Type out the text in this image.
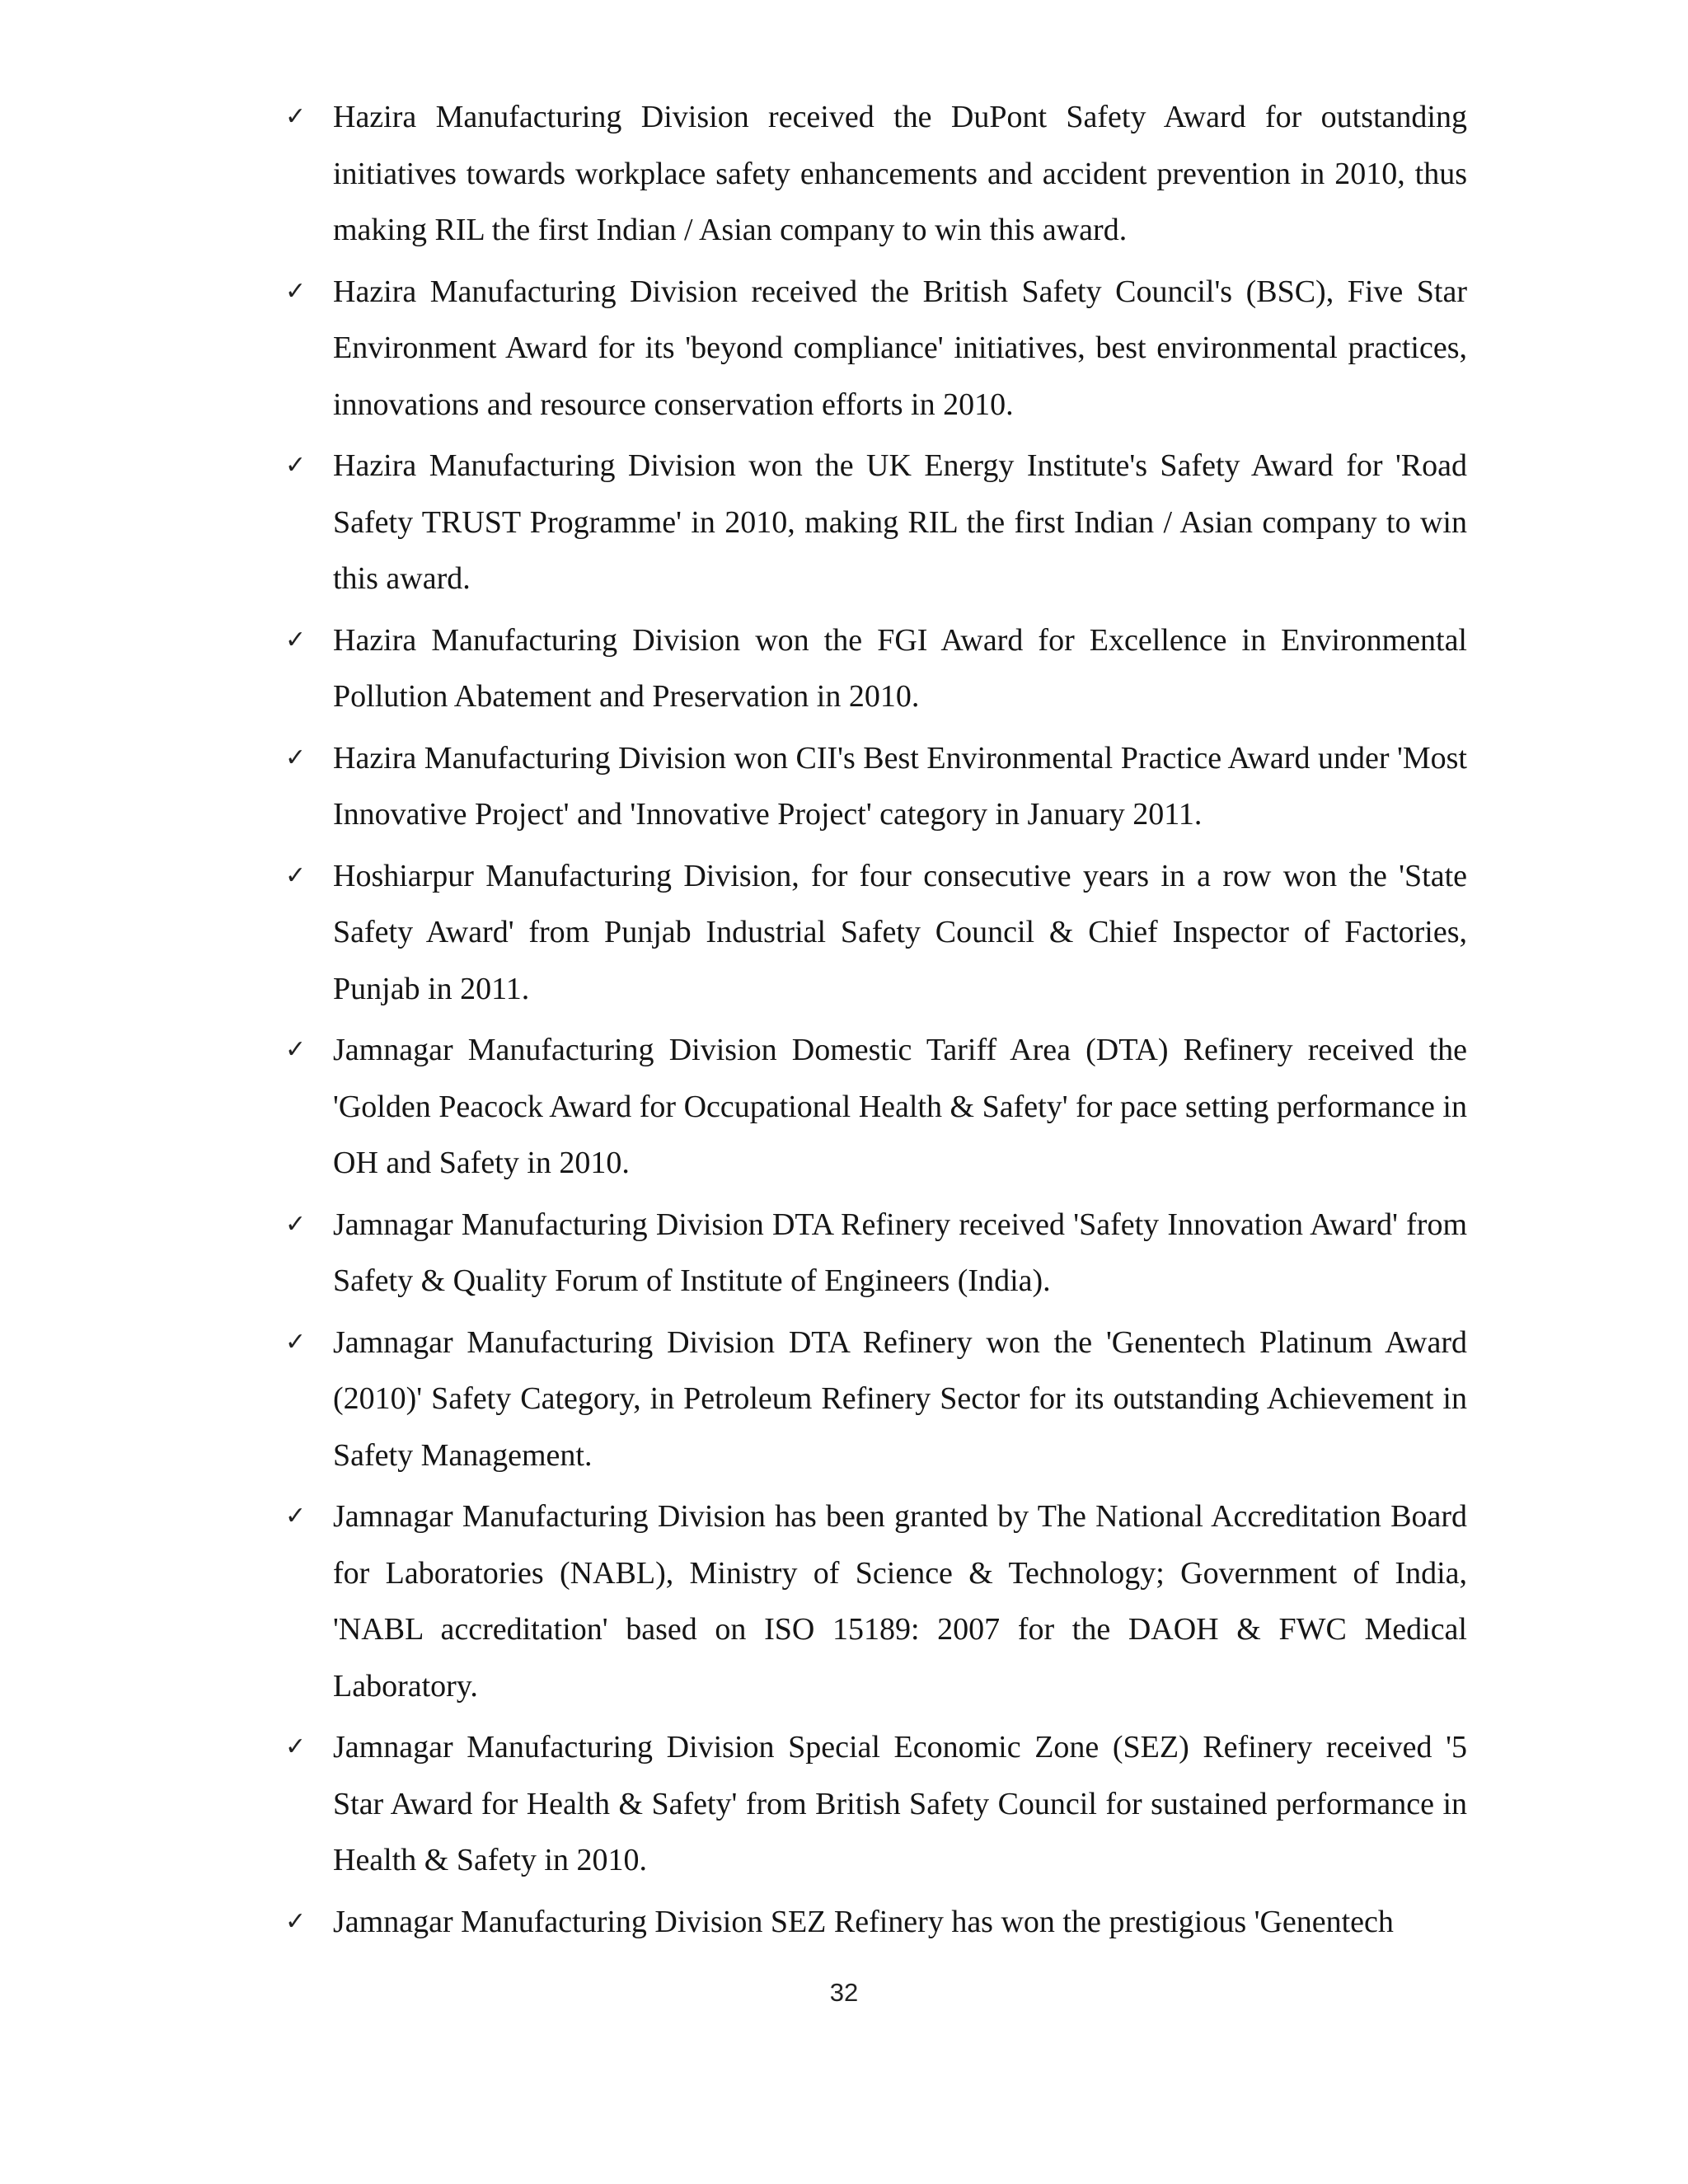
✓ Hazira Manufacturing Division received the DuPont Safety Award for outstanding initiatives towards workplace safety enhancements and accident prevention in 2010, thus making RIL the first Indian / Asian company to win this award.
✓ Hazira Manufacturing Division received the British Safety Council's (BSC), Five Star Environment Award for its 'beyond compliance' initiatives, best environmental practices, innovations and resource conservation efforts in 2010.
✓ Hazira Manufacturing Division won the UK Energy Institute's Safety Award for 'Road Safety TRUST Programme' in 2010, making RIL the first Indian / Asian company to win this award.
✓ Hazira Manufacturing Division won the FGI Award for Excellence in Environmental Pollution Abatement and Preservation in 2010.
✓ Hazira Manufacturing Division won CII's Best Environmental Practice Award under 'Most Innovative Project' and 'Innovative Project' category in January 2011.
✓ Hoshiarpur Manufacturing Division, for four consecutive years in a row won the 'State Safety Award' from Punjab Industrial Safety Council & Chief Inspector of Factories, Punjab in 2011.
✓ Jamnagar Manufacturing Division Domestic Tariff Area (DTA) Refinery received the 'Golden Peacock Award for Occupational Health & Safety' for pace setting performance in OH and Safety in 2010.
✓ Jamnagar Manufacturing Division DTA Refinery received 'Safety Innovation Award' from Safety & Quality Forum of Institute of Engineers (India).
✓ Jamnagar Manufacturing Division DTA Refinery won the 'Genentech Platinum Award (2010)' Safety Category, in Petroleum Refinery Sector for its outstanding Achievement in Safety Management.
✓ Jamnagar Manufacturing Division has been granted by The National Accreditation Board for Laboratories (NABL), Ministry of Science & Technology; Government of India, 'NABL accreditation' based on ISO 15189: 2007 for the DAOH & FWC Medical Laboratory.
✓ Jamnagar Manufacturing Division Special Economic Zone (SEZ) Refinery received '5 Star Award for Health & Safety' from British Safety Council for sustained performance in Health & Safety in 2010.
✓ Jamnagar Manufacturing Division SEZ Refinery has won the prestigious 'Genentech
32
